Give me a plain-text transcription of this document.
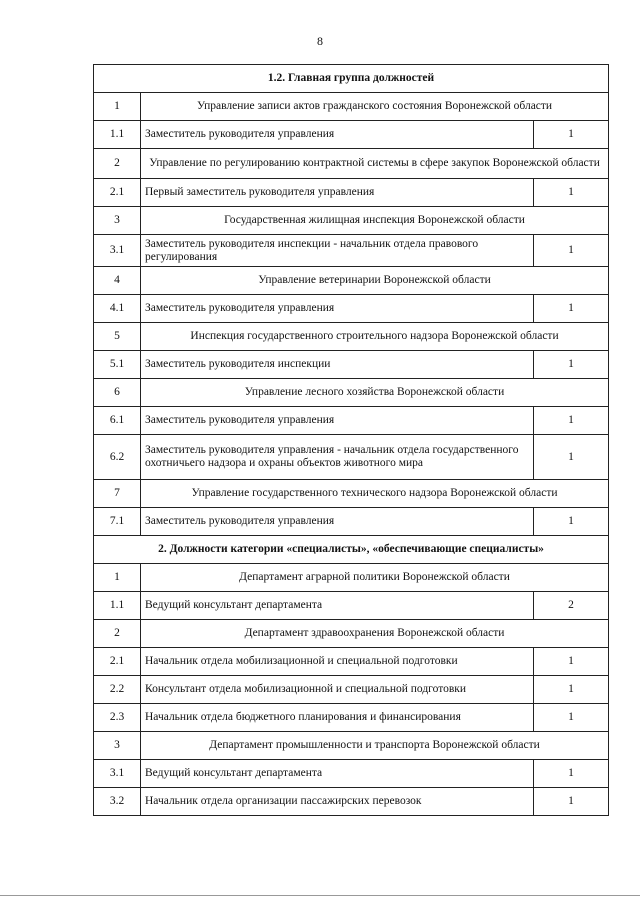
8
1.2. Главная группа должностей		
1	Управление записи актов гражданского состояния Воронежской области	
1.1	Заместитель руководителя управления	1
2	Управление по регулированию контрактной системы в сфере закупок Воронежской области	
2.1	Первый заместитель руководителя управления	1
3	Государственная жилищная инспекция Воронежской области	
3.1	Заместитель руководителя инспекции - начальник отдела правового регулирования	1
4	Управление ветеринарии Воронежской области	
4.1	Заместитель руководителя управления	1
5	Инспекция государственного строительного надзора Воронежской области	
5.1	Заместитель руководителя инспекции	1
6	Управление лесного хозяйства Воронежской области	
6.1	Заместитель руководителя управления	1
6.2	Заместитель руководителя управления - начальник отдела государственного охотничьего надзора и охраны объектов животного мира	1
7	Управление государственного технического надзора Воронежской области	
7.1	Заместитель руководителя управления	1
2. Должности категории «специалисты», «обеспечивающие специалисты»		
1	Департамент аграрной политики Воронежской области	
1.1	Ведущий консультант департамента	2
2	Департамент здравоохранения Воронежской области	
2.1	Начальник отдела мобилизационной и специальной подготовки	1
2.2	Консультант отдела мобилизационной и специальной подготовки	1
2.3	Начальник отдела бюджетного планирования и финансирования	1
3	Департамент промышленности и транспорта Воронежской области	
3.1	Ведущий консультант департамента	1
3.2	Начальник отдела организации пассажирских перевозок	1
